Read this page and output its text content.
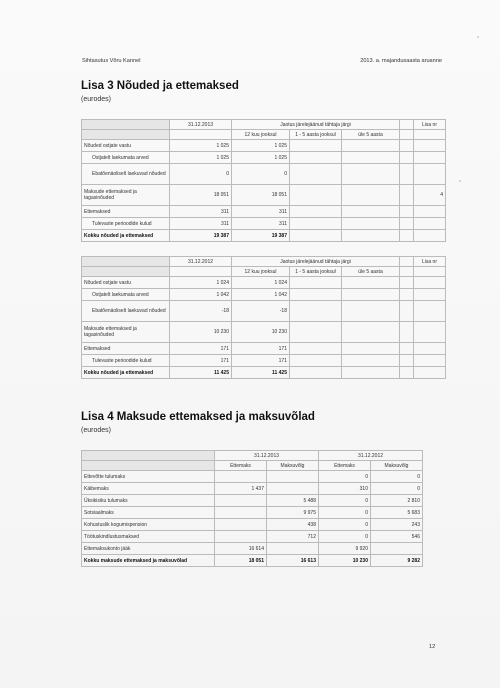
Sihtasutus Võru Kannel	2013. a. majandusaasta aruanne
Lisa 3 Nõuded ja ettemaksed
(eurodes)
	31.12.2013	Jaotus järelejäänud tähtaja järgi				Lisa nr
		12 kuu jooksul	1 - 5 aasta jooksul	üle 5 aasta		
Nõuded ostjate vastu	1 025	1 025				
Ostjatelt laekumata arved	1 025	1 025				
Ebatõenäoliselt laekuvad nõuded	0	0				
Maksude ettemaksed ja tagasinõuded	18 051	18 051				4
Ettemaksed	311	311				
Tulevaste perioodide kulud	311	311				
Kokku nõuded ja ettemaksed	19 387	19 387				
	31.12.2012	Jaotus järelejäänud tähtaja järgi				Lisa nr
		12 kuu jooksul	1 - 5 aasta jooksul	üle 5 aasta		
Nõuded ostjate vastu	1 024	1 024				
Ostjatelt laekumata arved	1 042	1 042				
Ebatõenäoliselt laekuvad nõuded	-18	-18				
Maksude ettemaksed ja tagasinõuded	10 230	10 230				
Ettemaksed	171	171				
Tulevaste perioodide kulud	171	171				
Kokku nõuded ja ettemaksed	11 425	11 425				
Lisa 4 Maksude ettemaksed ja maksuvõlad
(eurodes)
	31.12.2013		31.12.2012	
	Ettemaks	Maksuvõlg	Ettemaks	Maksuvõlg
Ettevõtte tulumaks			0	0
Käibemaks	1 437		310	0
Üksikisiku tulumaks		5 488	0	2 810
Sotsiaalmaks		9 975	0	5 683
Kohustuslik kogumispension		438	0	243
Töötuskindlustusmaksed		712	0	546
Ettemaksukonto jääk	16 614		9 920	
Kokku maksude ettemaksed ja maksuvõlad	18 051	16 613	10 230	9 282
12
